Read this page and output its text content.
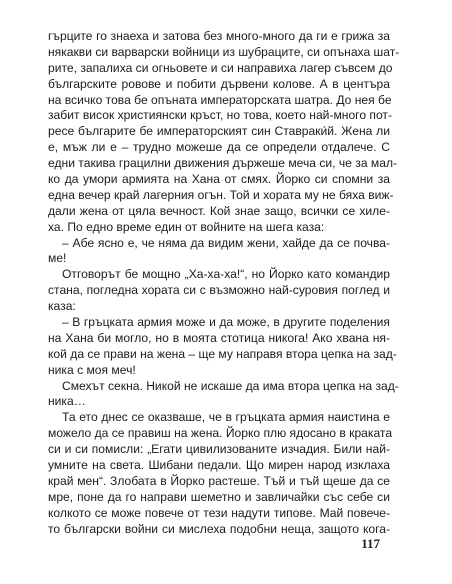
гърците го знаеха и затова без много-много да ги е грижа за
някакви си варварски войници из шубраците, си опънаха шат-
рите, запалиха си огньовете и си направиха лагер съвсем до
българските ровове и побити дървени колове. А в центъра
на всичко това бе опъната императорската шатра. До нея бе
забит висок християнски кръст, но това, което най-много пот-
ресе българите бе императорският син Ставраки́й. Жена ли
е, мъж ли е – трудно можеше да се определи отдалече. С
едни такива грацилни движения държеше меча си, че за мал-
ко да умори армията на Хана от смях. Йорко си спомни за
една вечер край лагерния огън. Той и хората му не бяха виж-
дали жена от цяла вечност. Кой знае защо, всички се хиле-
ха. По едно време един от войните на шега каза:
– Абе ясно е, че няма да видим жени, хайде да се почва-
ме!
Отговорът бе мощно „Ха-ха-ха!“, но Йорко като командир
стана, погледна хората си с възможно най-суровия поглед и
каза:
– В гръцката армия може и да може, в другите поделения
на Хана би могло, но в моята стотица никога! Ако хвана ня-
кой да се прави на жена – ще му направя втора цепка на зад-
ника с моя меч!
Смехът секна. Никой не искаше да има втора цепка на зад-
ника…
Та ето днес се оказваше, че в гръцката армия наистина е
можело да се правиш на жена. Йорко плю ядосано в краката
си и си помисли: „Егати цивилизованите изчадия. Били най-
умните на света. Шибани педали. Що мирен народ изклаха
край мен“. Злобата в Йорко растеше. Тъй и тъй щеше да се
мре, поне да го направи шеметно и завличайки със себе си
колкото се може повече от тези надути типове. Май повече-
то български войни си мислеха подобни неща, защото кога-
117
